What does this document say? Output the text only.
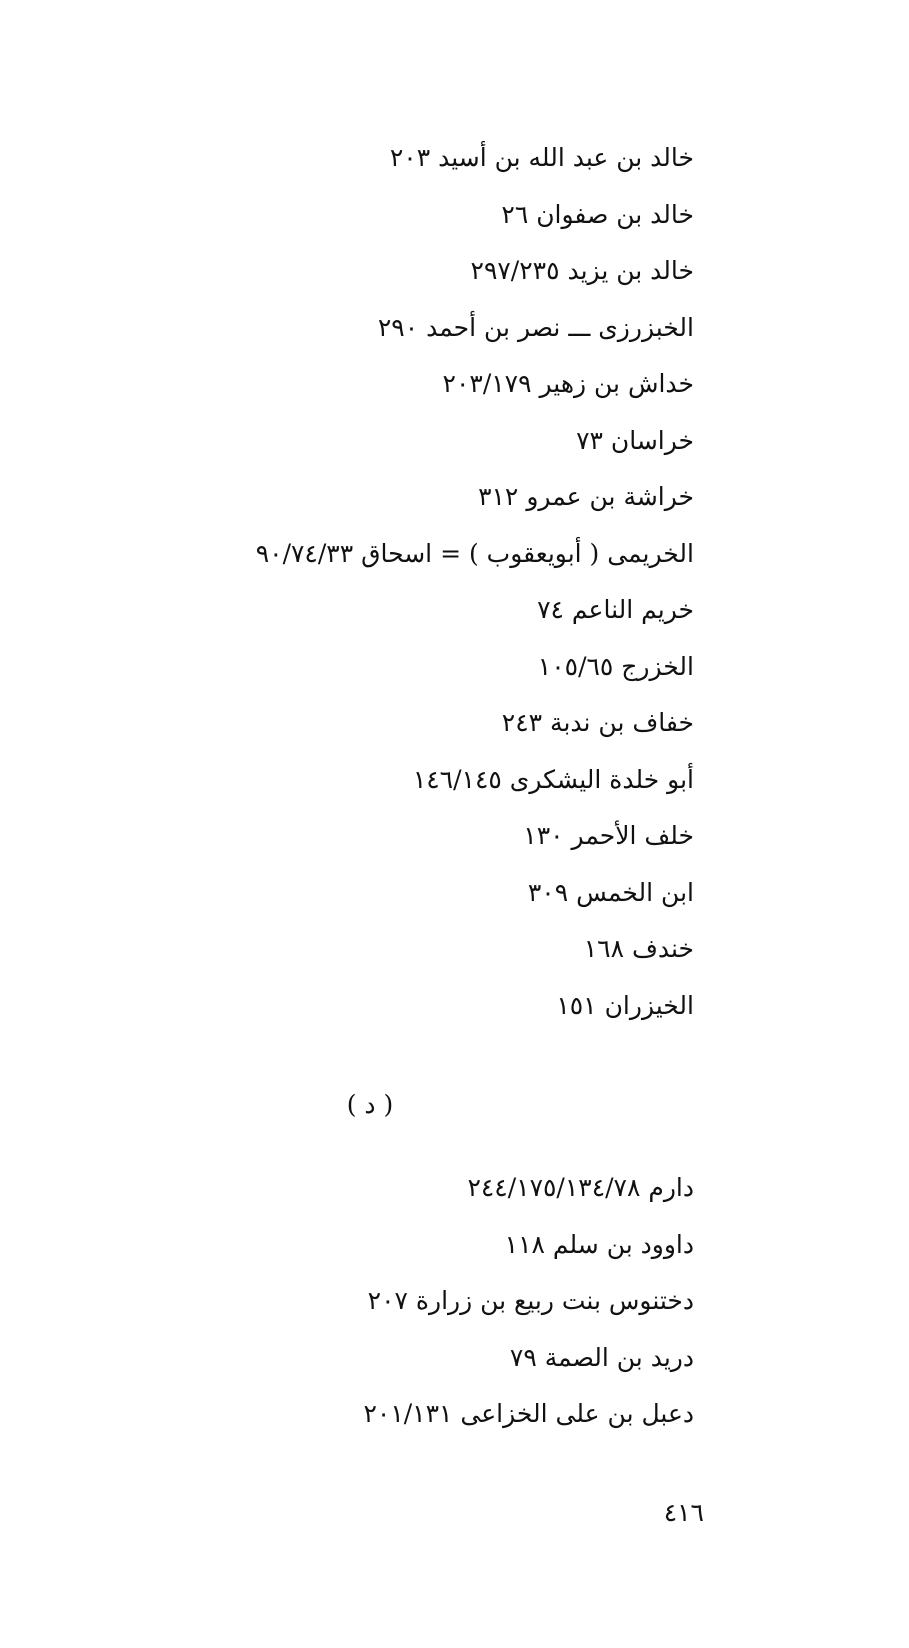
خالد بن عبد الله بن أسيد ٢٠٣
خالد بن صفوان ٢٦
خالد بن يزيد ٢٩٧/٢٣٥
الخبزرزى ـــ نصر بن أحمد ٢٩٠
خداش بن زهير ٢٠٣/١٧٩
خراسان ٧٣
خراشة بن عمرو ٣١٢
الخريمى ( أبويعقوب ) = اسحاق ٩٠/٧٤/٣٣
خريم الناعم ٧٤
الخزرج ١٠٥/٦٥
خفاف بن ندبة ٢٤٣
أبو خلدة اليشكرى ١٤٦/١٤٥
خلف الأحمر ١٣٠
ابن الخمس ٣٠٩
خندف ١٦٨
الخيزران ١٥١
( د )
دارم ٢٤٤/١٧٥/١٣٤/٧٨
داوود بن سلم ١١٨
دختنوس بنت ربيع بن زرارة ٢٠٧
دريد بن الصمة ٧٩
دعبل بن على الخزاعى ٢٠١/١٣١
٤١٦
